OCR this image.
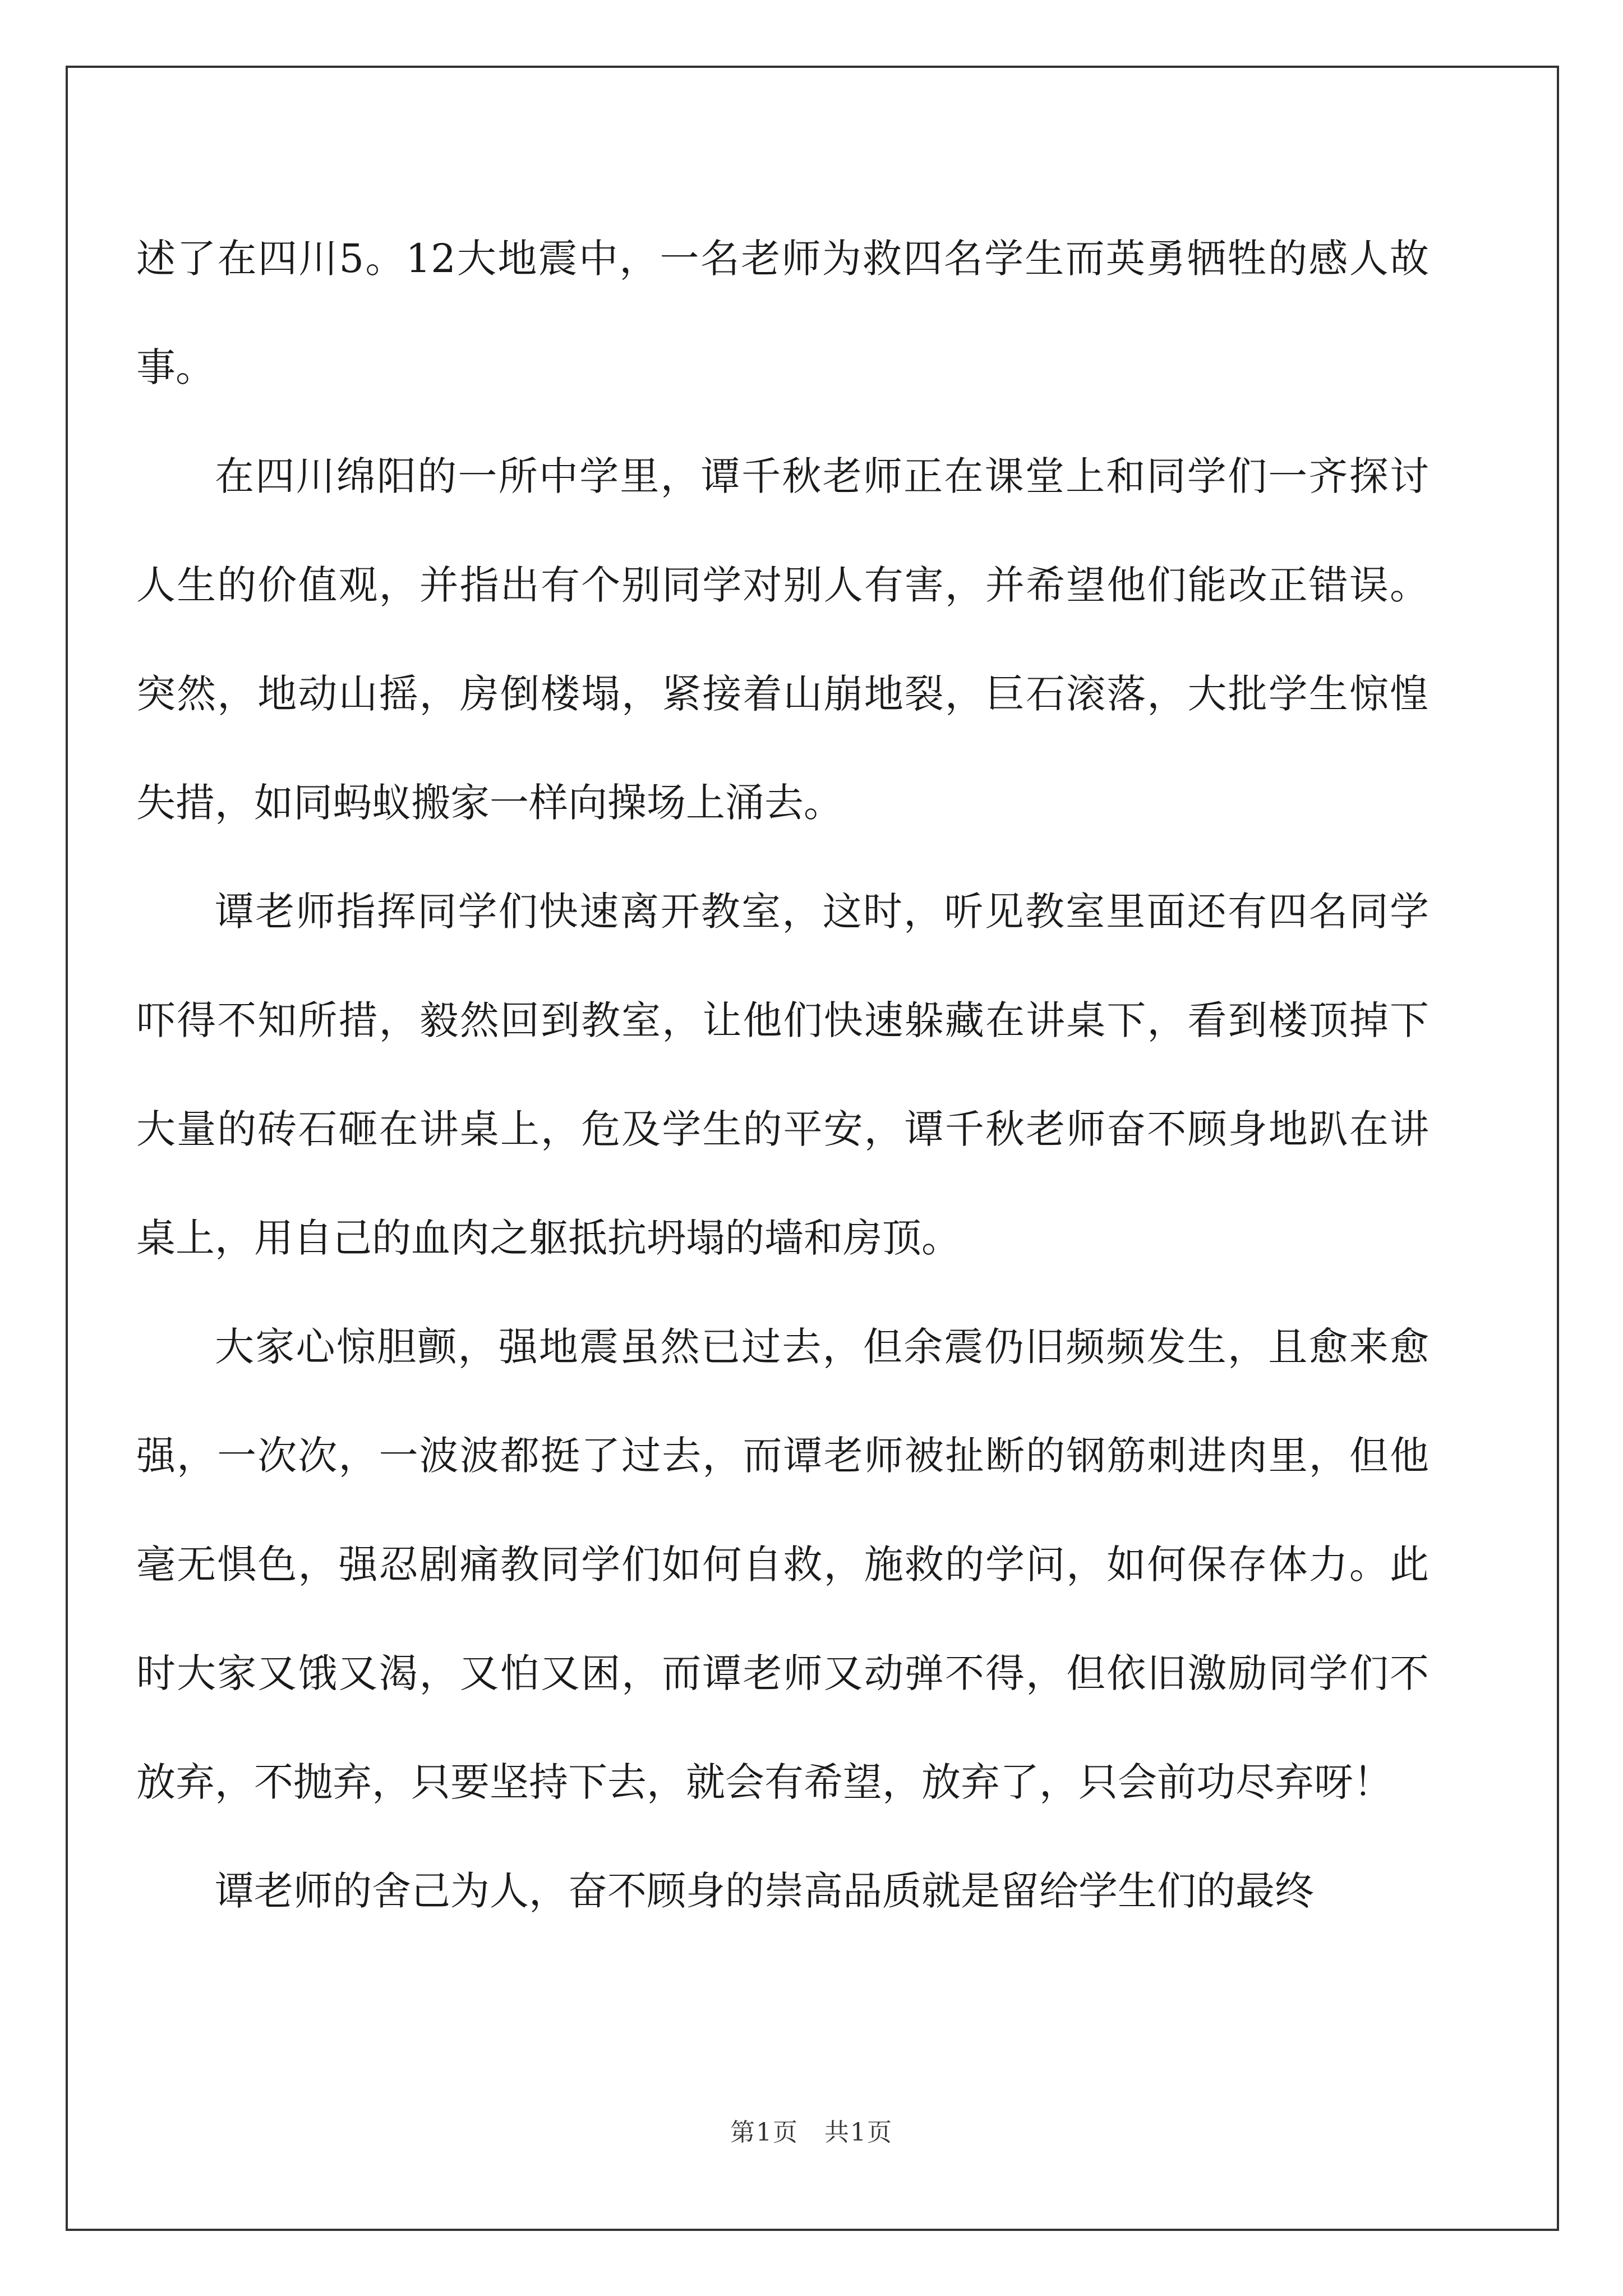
述了在四川5。12大地震中，一名老师为救四名学生而英勇牺牲的感人故事。

在四川绵阳的一所中学里，谭千秋老师正在课堂上和同学们一齐探讨人生的价值观，并指出有个别同学对别人有害，并希望他们能改正错误。突然，地动山摇，房倒楼塌，紧接着山崩地裂，巨石滚落，大批学生惊惶失措，如同蚂蚁搬家一样向操场上涌去。

谭老师指挥同学们快速离开教室，这时，听见教室里面还有四名同学吓得不知所措，毅然回到教室，让他们快速躲藏在讲桌下，看到楼顶掉下大量的砖石砸在讲桌上，危及学生的平安，谭千秋老师奋不顾身地趴在讲桌上，用自己的血肉之躯抵抗坍塌的墙和房顶。

大家心惊胆颤，强地震虽然已过去，但余震仍旧频频发生，且愈来愈强，一次次，一波波都挺了过去，而谭老师被扯断的钢筋刺进肉里，但他毫无惧色，强忍剧痛教同学们如何自救，施救的学问，如何保存体力。此时大家又饿又渴，又怕又困，而谭老师又动弹不得，但依旧激励同学们不放弃，不抛弃，只要坚持下去，就会有希望，放弃了，只会前功尽弃呀！

谭老师的舍己为人，奋不顾身的崇高品质就是留给学生们的最终

第1页　共1页
